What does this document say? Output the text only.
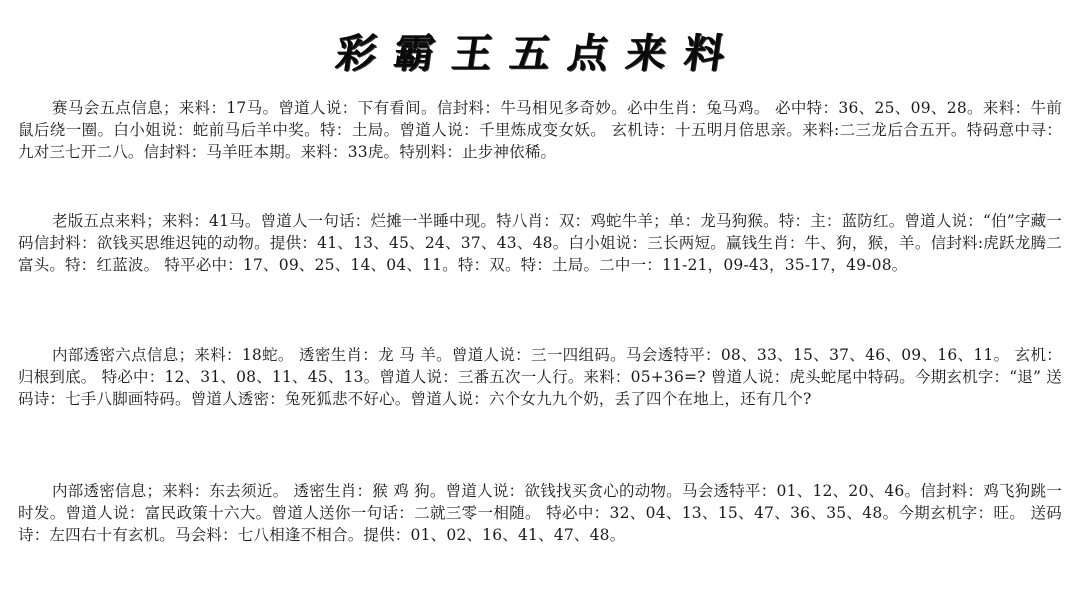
彩霸王五点来料
赛马会五点信息；来料：17马。曾道人说：下有看间。信封料：牛马相见多奇妙。必中生肖：兔马鸡。 必中特：36、25、09、28。来料：牛前鼠后绕一圈。白小姐说：蛇前马后羊中奖。特：土局。曾道人说：千里炼成变女妖。 玄机诗：十五明月倍思亲。来料:二三龙后合五开。特码意中寻：九对三七开二八。信封料：马羊旺本期。来料：33虎。特别料：止步神依稀。
老版五点来料；来料：41马。曾道人一句话：烂摊一半睡中现。特八肖：双：鸡蛇牛羊；单：龙马狗猴。特：主：蓝防红。曾道人说：“伯”字藏一码信封料：欲钱买思维迟钝的动物。提供：41、13、45、24、37、43、48。白小姐说：三长两短。赢钱生肖：牛、狗，猴，羊。信封料:虎跃龙腾二富头。特：红蓝波。 特平必中：17、09、25、14、04、11。特：双。特：土局。二中一：11-21，09-43，35-17，49-08。
内部透密六点信息；来料：18蛇。 透密生肖：龙 马 羊。曾道人说：三一四组码。马会透特平：08、33、15、37、46、09、16、11。 玄机：归根到底。 特必中：12、31、08、11、45、13。曾道人说：三番五次一人行。来料：05+36=? 曾道人说：虎头蛇尾中特码。今期玄机字：“退” 送码诗：七手八脚画特码。曾道人透密：兔死狐悲不好心。曾道人说：六个女九九个奶，丢了四个在地上，还有几个?
内部透密信息；来料：东去须近。 透密生肖：猴 鸡 狗。曾道人说：欲钱找买贪心的动物。马会透特平：01、12、20、46。信封料：鸡飞狗跳一时发。曾道人说：富民政策十六大。曾道人送你一句话：二就三零一相随。 特必中：32、04、13、15、47、36、35、48。今期玄机字：旺。 送码诗：左四右十有玄机。马会料：七八相逢不相合。提供：01、02、16、41、47、48。
